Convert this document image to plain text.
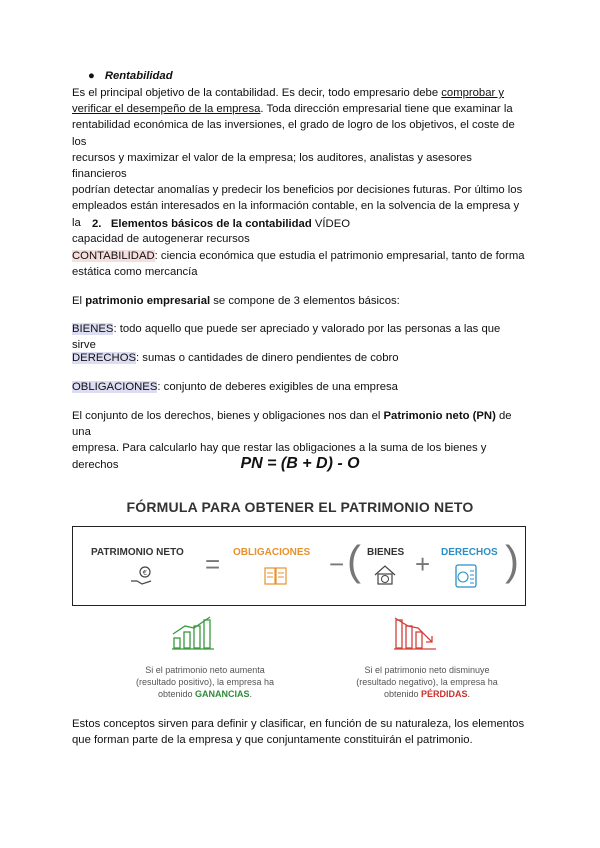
● Rentabilidad
Es el principal objetivo de la contabilidad. Es decir, todo empresario debe comprobar y
verificar el desempeño de la empresa. Toda dirección empresarial tiene que examinar la
rentabilidad económica de las inversiones, el grado de logro de los objetivos, el coste de los
recursos y maximizar el valor de la empresa; los auditores, analistas y asesores financieros
podrían detectar anomalías y predecir los beneficios por decisiones futuras. Por último los
empleados están interesados en la información contable, en la solvencia de la empresa y la
capacidad de autogenerar recursos
2. Elementos básicos de la contabilidad VÍDEO
CONTABILIDAD: ciencia económica que estudia el patrimonio empresarial, tanto de forma
estática como mercancía
El patrimonio empresarial se compone de 3 elementos básicos:
BIENES: todo aquello que puede ser apreciado y valorado por las personas a las que sirve
DERECHOS: sumas o cantidades de dinero pendientes de cobro
OBLIGACIONES: conjunto de deberes exigibles de una empresa
El conjunto de los derechos, bienes y obligaciones nos dan el Patrimonio neto (PN) de una
empresa. Para calcularlo hay que restar las obligaciones a la suma de los bienes y
derechos	PN = (B + D) - O
FÓRMULA PARA OBTENER EL PATRIMONIO NETO
PATRIMONIO NETO
€ = OBLIGACIONES − ( BIENES + DERECHOS )
Si el patrimonio neto aumenta
(resultado positivo), la empresa ha
obtenido GANANCIAS.
Si el patrimonio neto disminuye
(resultado negativo), la empresa ha
obtenido PÉRDIDAS.
Estos conceptos sirven para definir y clasificar, en función de su naturaleza, los elementos
que forman parte de la empresa y que conjuntamente constituirán el patrimonio.
